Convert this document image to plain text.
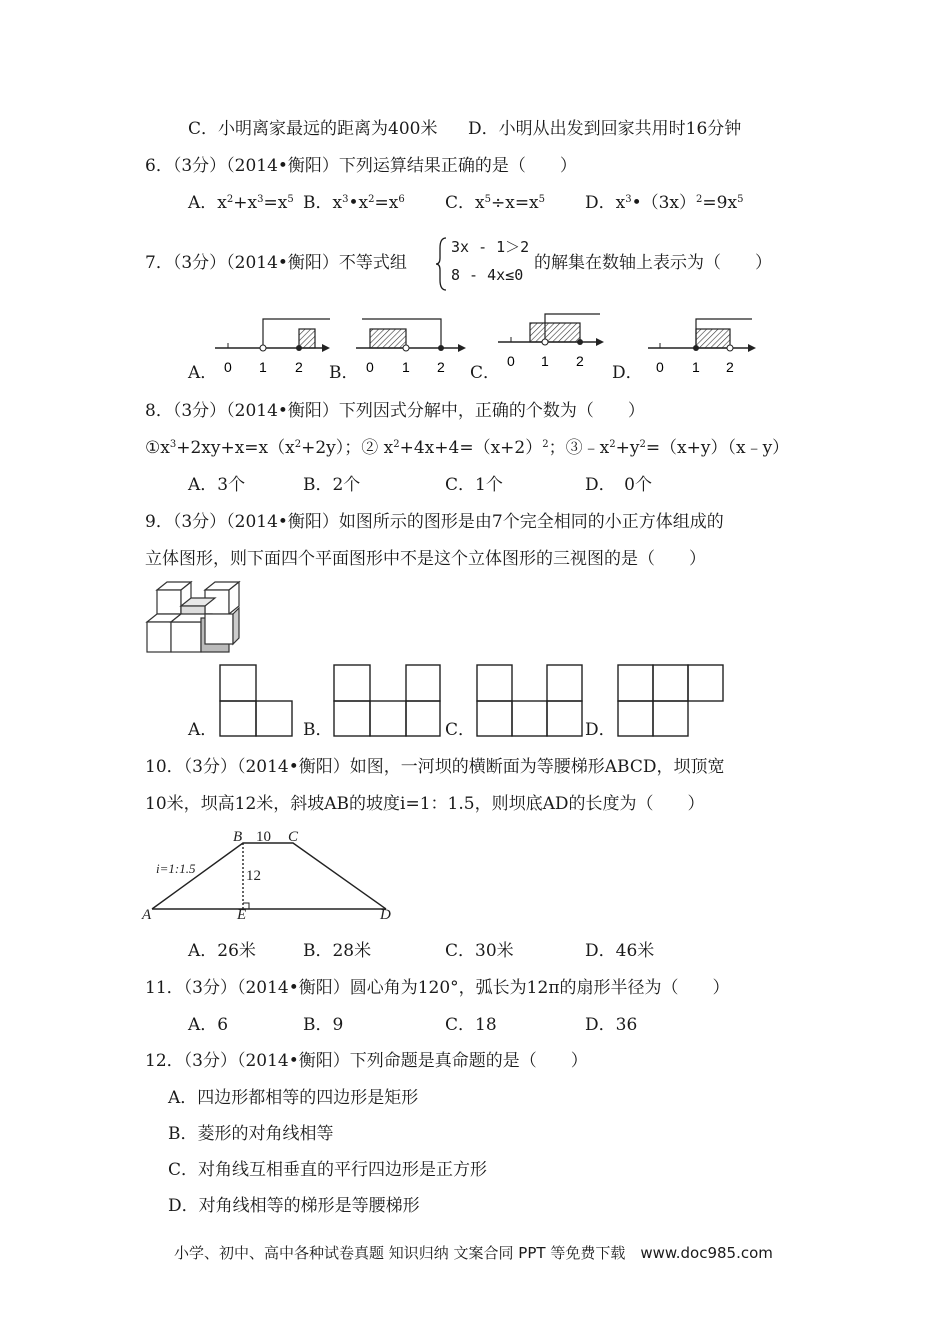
C．小明离家最远的距离为400米 D．小明从出发到回家共用时16分钟
6．（3分）（2014•衡阳）下列运算结果正确的是（　　）
A．$x^2+x^3=x^5$ B．$x^3•x^2=x^6$ C．$x^5\div x=x^5$ D．$x^3•(3x)^2=9x^5$
7．（3分）（2014•衡阳）不等式组
3x - 1＞2
8 - 4x≤0
的解集在数轴上表示为（　　）
0 1 2	0 1 2	0 1 2	0 1 2
A．	B．	C．	D．
8．（3分）（2014•衡阳）下列因式分解中，正确的个数为（　　）
$①x^3+2xy+x=x(x^2+2y)$；② $x^2+4x+4=(x+2)^2$；$③﹣x^2+y^2=(x+y)(x﹣y)$
A．3个	B．2个	C．1个	D．　0个
9．（3分）（2014•衡阳）如图所示的图形是由7个完全相同的小正方体组成的
立体图形，则下面四个平面图形中不是这个立体图形的三视图的是（　　）
A．	B．	C．	D．
10．（3分）（2014•衡阳）如图，一河坝的横断面为等腰梯形ABCD，坝顶宽
10米，坝高12米，斜坡AB的坡度i=1：1.5，则坝底AD的长度为（　　）
B	C
A	D
E
i=1:1.5
10
12
A．26米	B．28米	C．30米	D．46米
11．（3分）（2014•衡阳）圆心角为120°，弧长为12π的扇形半径为（　　）
A．6	B．9	C．18	D．36
12．（3分）（2014•衡阳）下列命题是真命题的是（　　）
A．四边形都相等的四边形是矩形
B．菱形的对角线相等
C．对角线互相垂直的平行四边形是正方形
D．对角线相等的梯形是等腰梯形
小学、初中、高中各种试卷真题 知识归纳 文案合同 PPT 等免费下载　www.doc985.com
